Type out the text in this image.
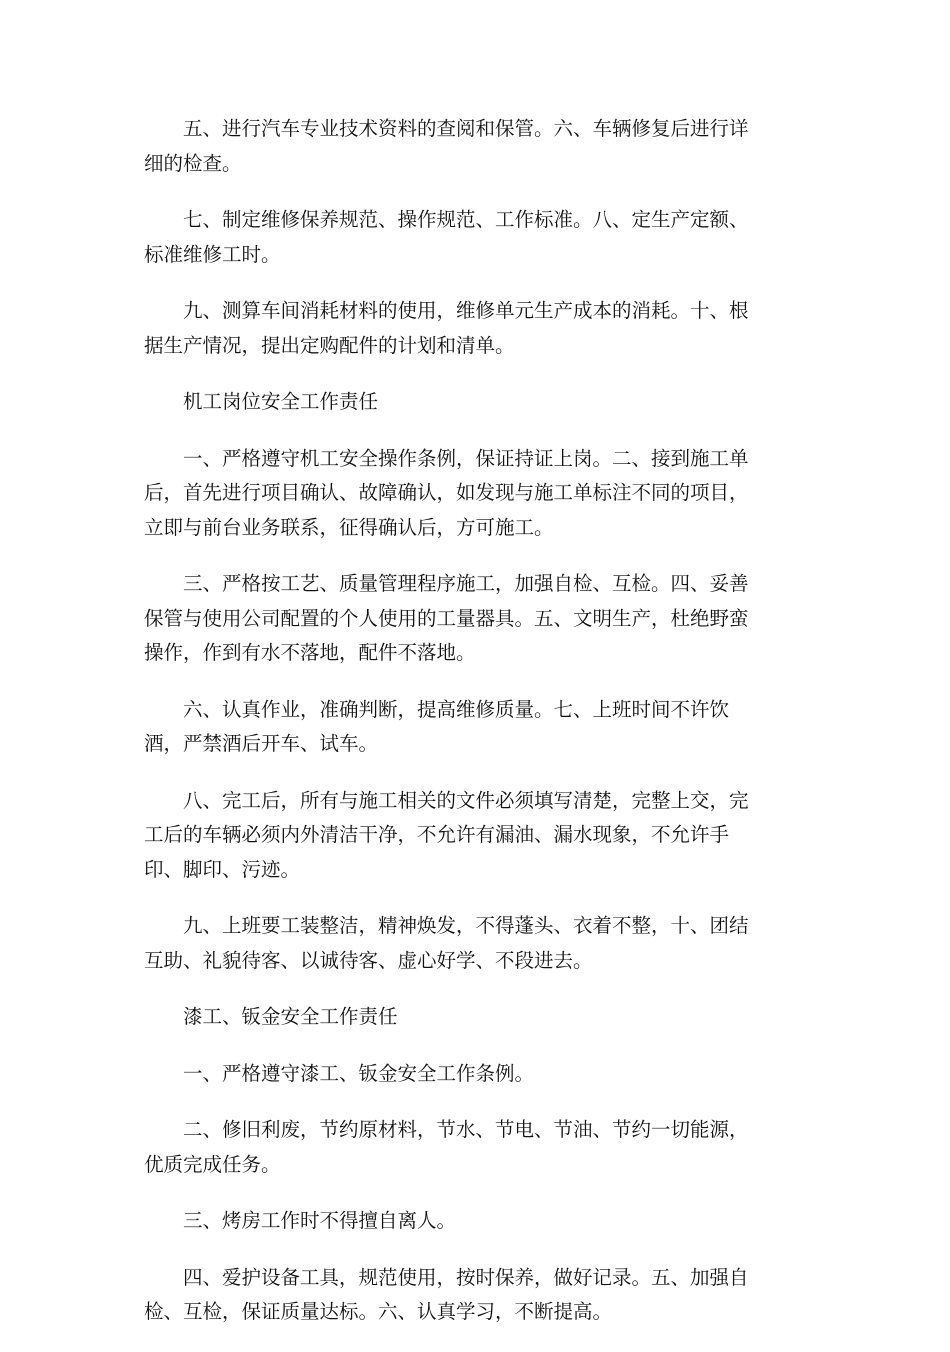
五、进行汽车专业技术资料的查阅和保管。六、车辆修复后进行详细的检查。

七、制定维修保养规范、操作规范、工作标准。八、定生产定额、标准维修工时。

九、测算车间消耗材料的使用，维修单元生产成本的消耗。十、根据生产情况，提出定购配件的计划和清单。

机工岗位安全工作责任

一、严格遵守机工安全操作条例，保证持证上岗。二、接到施工单后，首先进行项目确认、故障确认，如发现与施工单标注不同的项目，立即与前台业务联系，征得确认后，方可施工。

三、严格按工艺、质量管理程序施工，加强自检、互检。四、妥善保管与使用公司配置的个人使用的工量器具。五、文明生产，杜绝野蛮操作，作到有水不落地，配件不落地。

六、认真作业，准确判断，提高维修质量。七、上班时间不许饮酒，严禁酒后开车、试车。

八、完工后，所有与施工相关的文件必须填写清楚，完整上交，完工后的车辆必须内外清洁干净，不允许有漏油、漏水现象，不允许手印、脚印、污迹。

九、上班要工装整洁，精神焕发，不得蓬头、衣着不整，十、团结互助、礼貌待客、以诚待客、虚心好学、不段进去。

漆工、钣金安全工作责任

一、严格遵守漆工、钣金安全工作条例。

二、修旧利废，节约原材料，节水、节电、节油、节约一切能源，优质完成任务。

三、烤房工作时不得擅自离人。

四、爱护设备工具，规范使用，按时保养，做好记录。五、加强自检、互检，保证质量达标。六、认真学习，不断提高。
